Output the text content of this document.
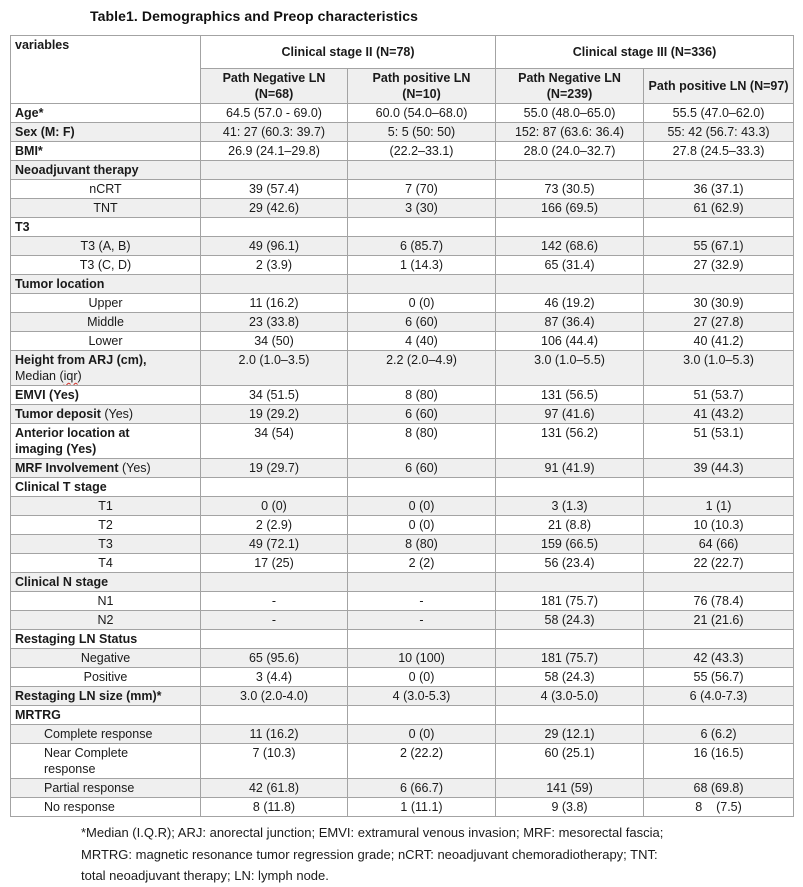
Table1. Demographics and Preop characteristics
variables	Clinical stage II (N=78)		Clinical stage III (N=336)	
	Path Negative LN (N=68)	Path positive LN (N=10)	Path Negative LN (N=239)	Path positive LN (N=97)
Age*	64.5 (57.0 - 69.0)	60.0 (54.0–68.0)	55.0 (48.0–65.0)	55.5 (47.0–62.0)
Sex (M: F)	41: 27 (60.3: 39.7)	5: 5 (50: 50)	152: 87 (63.6: 36.4)	55: 42 (56.7: 43.3)
BMI*	26.9 (24.1–29.8)	(22.2–33.1)	28.0 (24.0–32.7)	27.8 (24.5–33.3)
Neoadjuvant therapy				
nCRT	39 (57.4)	7 (70)	73 (30.5)	36 (37.1)
TNT	29 (42.6)	3 (30)	166 (69.5)	61 (62.9)
T3				
T3 (A, B)	49 (96.1)	6 (85.7)	142 (68.6)	55 (67.1)
T3 (C, D)	2 (3.9)	1 (14.3)	65 (31.4)	27 (32.9)
Tumor location				
Upper	11 (16.2)	0 (0)	46 (19.2)	30 (30.9)
Middle	23 (33.8)	6 (60)	87 (36.4)	27 (27.8)
Lower	34 (50)	4 (40)	106 (44.4)	40 (41.2)
Height from ARJ (cm),
Median (iqr)	2.0 (1.0–3.5)	2.2 (2.0–4.9)	3.0 (1.0–5.5)	3.0 (1.0–5.3)
EMVI (Yes)	34 (51.5)	8 (80)	131 (56.5)	51 (53.7)
Tumor deposit (Yes)	19 (29.2)	6 (60)	97 (41.6)	41 (43.2)
Anterior location at
imaging (Yes)	34 (54)	8 (80)	131 (56.2)	51 (53.1)
MRF Involvement (Yes)	19 (29.7)	6 (60)	91 (41.9)	39 (44.3)
Clinical T stage				
T1	0 (0)	0 (0)	3 (1.3)	1 (1)
T2	2 (2.9)	0 (0)	21 (8.8)	10 (10.3)
T3	49 (72.1)	8 (80)	159 (66.5)	64 (66)
T4	17 (25)	2 (2)	56 (23.4)	22 (22.7)
Clinical N stage				
N1	-	-	181 (75.7)	76 (78.4)
N2	-	-	58 (24.3)	21 (21.6)
Restaging LN Status				
Negative	65 (95.6)	10 (100)	181 (75.7)	42 (43.3)
Positive	3 (4.4)	0 (0)	58 (24.3)	55 (56.7)
Restaging LN size (mm)*	3.0 (2.0-4.0)	4 (3.0-5.3)	4 (3.0-5.0)	6 (4.0-7.3)
MRTRG				
Complete response	11 (16.2)	0 (0)	29 (12.1)	6 (6.2)
Near Complete
response	7 (10.3)	2 (22.2)	60 (25.1)	16 (16.5)
Partial response	42 (61.8)	6 (66.7)	141 (59)	68 (69.8)
No response	8 (11.8)	1 (11.1)	9 (3.8)	8    (7.5)
*Median (I.Q.R); ARJ: anorectal junction; EMVI: extramural venous invasion; MRF: mesorectal fascia;
MRTRG: magnetic resonance tumor regression grade; nCRT: neoadjuvant chemoradiotherapy; TNT:
total neoadjuvant therapy; LN: lymph node.
